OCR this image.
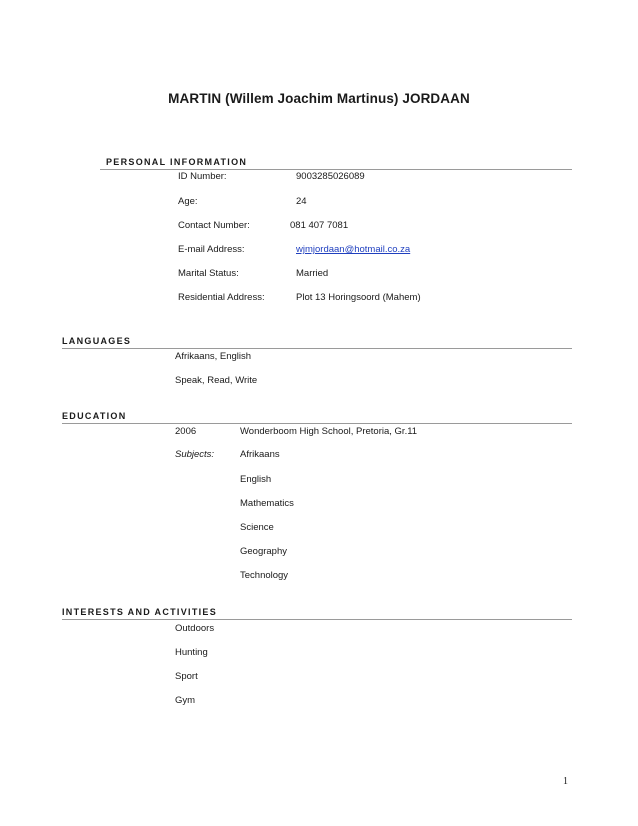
MARTIN (Willem Joachim Martinus) JORDAAN
PERSONAL INFORMATION
ID Number:	9003285026089
Age:	24
Contact Number:	081 407 7081
E-mail Address:	wjmjordaan@hotmail.co.za
Marital Status:	Married
Residential Address:	Plot 13 Horingsoord (Mahem)
LANGUAGES
Afrikaans, English
Speak, Read, Write
EDUCATION
2006	Wonderboom High School, Pretoria, Gr.11
Subjects:	Afrikaans
English
Mathematics
Science
Geography
Technology
INTERESTS AND ACTIVITIES
Outdoors
Hunting
Sport
Gym
1
